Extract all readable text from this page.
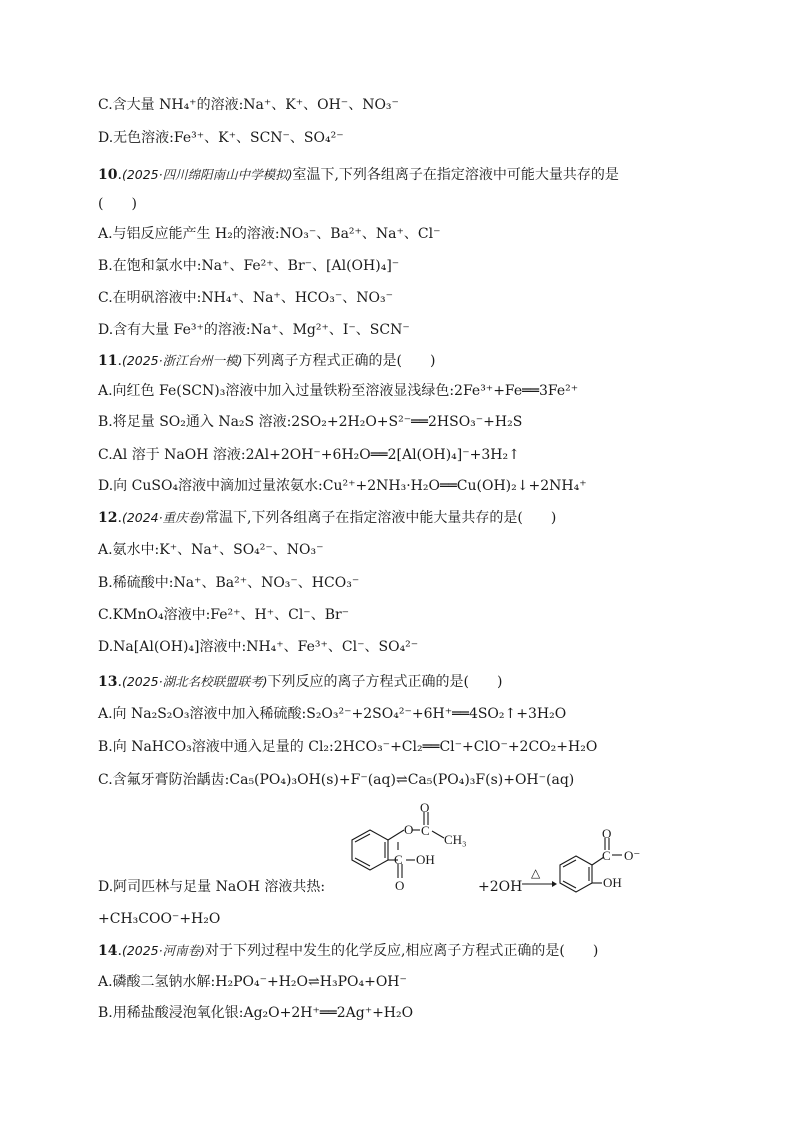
C.含大量 NH₄⁺的溶液:Na⁺、K⁺、OH⁻、NO₃⁻
D.无色溶液:Fe³⁺、K⁺、SCN⁻、SO₄²⁻
10.(2025·四川绵阳南山中学模拟)室温下,下列各组离子在指定溶液中可能大量共存的是
(　　)
A.与铝反应能产生 H₂的溶液:NO₃⁻、Ba²⁺、Na⁺、Cl⁻
B.在饱和氯水中:Na⁺、Fe²⁺、Br⁻、[Al(OH)₄]⁻
C.在明矾溶液中:NH₄⁺、Na⁺、HCO₃⁻、NO₃⁻
D.含有大量 Fe³⁺的溶液:Na⁺、Mg²⁺、I⁻、SCN⁻
11.(2025·浙江台州一模)下列离子方程式正确的是(　　)
A.向红色 Fe(SCN)₃溶液中加入过量铁粉至溶液显浅绿色:2Fe³⁺+Fe══3Fe²⁺
B.将足量 SO₂通入 Na₂S 溶液:2SO₂+2H₂O+S²⁻══2HSO₃⁻+H₂S
C.Al 溶于 NaOH 溶液:2Al+2OH⁻+6H₂O══2[Al(OH)₄]⁻+3H₂↑
D.向 CuSO₄溶液中滴加过量浓氨水:Cu²⁺+2NH₃·H₂O══Cu(OH)₂↓+2NH₄⁺
12.(2024·重庆卷)常温下,下列各组离子在指定溶液中能大量共存的是(　　)
A.氨水中:K⁺、Na⁺、SO₄²⁻、NO₃⁻
B.稀硫酸中:Na⁺、Ba²⁺、NO₃⁻、HCO₃⁻
C.KMnO₄溶液中:Fe²⁺、H⁺、Cl⁻、Br⁻
D.Na[Al(OH)₄]溶液中:NH₄⁺、Fe³⁺、Cl⁻、SO₄²⁻
13.(2025·湖北名校联盟联考)下列反应的离子方程式正确的是(　　)
A.向 Na₂S₂O₃溶液中加入稀硫酸:S₂O₃²⁻+2SO₄²⁻+6H⁺══4SO₂↑+3H₂O
B.向 NaHCO₃溶液中通入足量的 Cl₂:2HCO₃⁻+Cl₂══Cl⁻+ClO⁻+2CO₂+H₂O
C.含氟牙膏防治龋齿:Ca₅(PO₄)₃OH(s)+F⁻(aq)⇌Ca₅(PO₄)₃F(s)+OH⁻(aq)
D.阿司匹林与足量 NaOH 溶液共热:
O
O C
CH₃
C OH
O	+2OH⁻
△
O
C O⁻
OH
+CH₃COO⁻+H₂O
14.(2025·河南卷)对于下列过程中发生的化学反应,相应离子方程式正确的是(　　)
A.磷酸二氢钠水解:H₂PO₄⁻+H₂O⇌H₃PO₄+OH⁻
B.用稀盐酸浸泡氧化银:Ag₂O+2H⁺══2Ag⁺+H₂O
